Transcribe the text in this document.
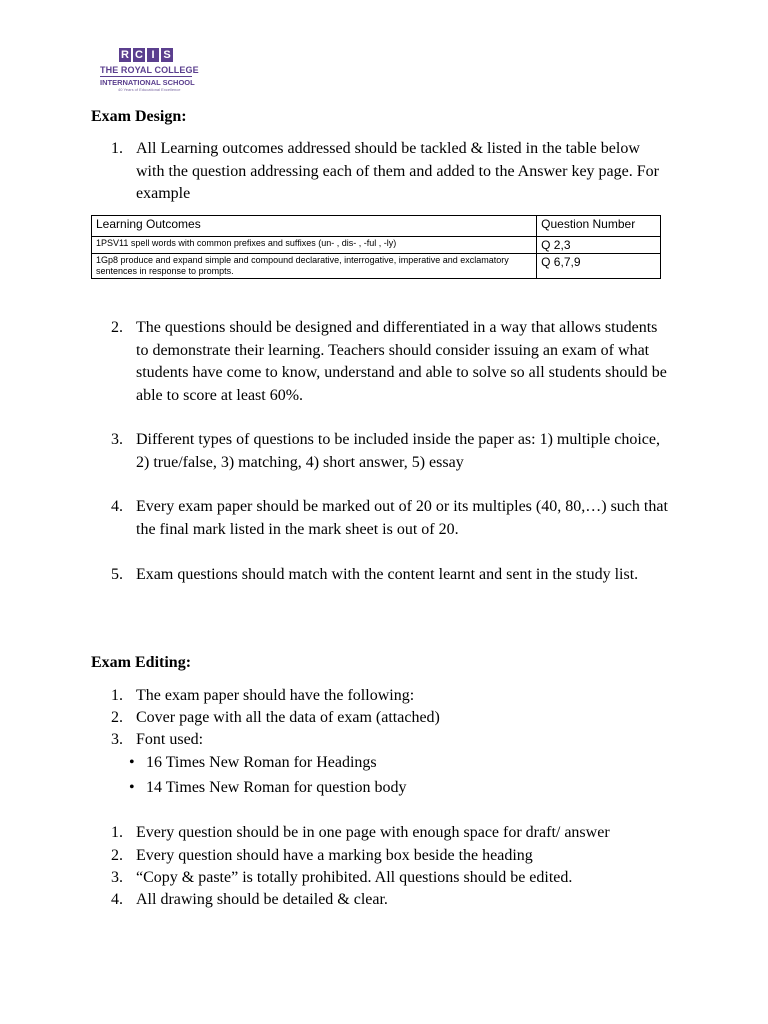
R C I S
THE ROYAL COLLEGE
INTERNATIONAL SCHOOL
40 Years of Educational Excellence
Exam Design:
1. All Learning outcomes addressed should be tackled & listed in the table below with the question addressing each of them and added to the Answer key page. For example
Learning Outcomes	Question Number
1PSV11 spell words with common prefixes and suffixes (un- , dis- , -ful , -ly)	Q 2,3
1Gp8 produce and expand simple and compound declarative, interrogative, imperative and exclamatory sentences in response to prompts.	Q 6,7,9
2. The questions should be designed and differentiated in a way that allows students to demonstrate their learning. Teachers should consider issuing an exam of what students have come to know, understand and able to solve so all students should be able to score at least 60%.
3. Different types of questions to be included inside the paper as: 1) multiple choice, 2) true/false, 3) matching, 4) short answer, 5) essay
4. Every exam paper should be marked out of 20 or its multiples (40, 80,…) such that the final mark listed in the mark sheet is out of 20.
5. Exam questions should match with the content learnt and sent in the study list.
Exam Editing:
1. The exam paper should have the following:
2. Cover page with all the data of exam (attached)
3. Font used:
• 16 Times New Roman for Headings
• 14 Times New Roman for question body
1. Every question should be in one page with enough space for draft/ answer
2. Every question should have a marking box beside the heading
3. “Copy & paste” is totally prohibited. All questions should be edited.
4. All drawing should be detailed & clear.
